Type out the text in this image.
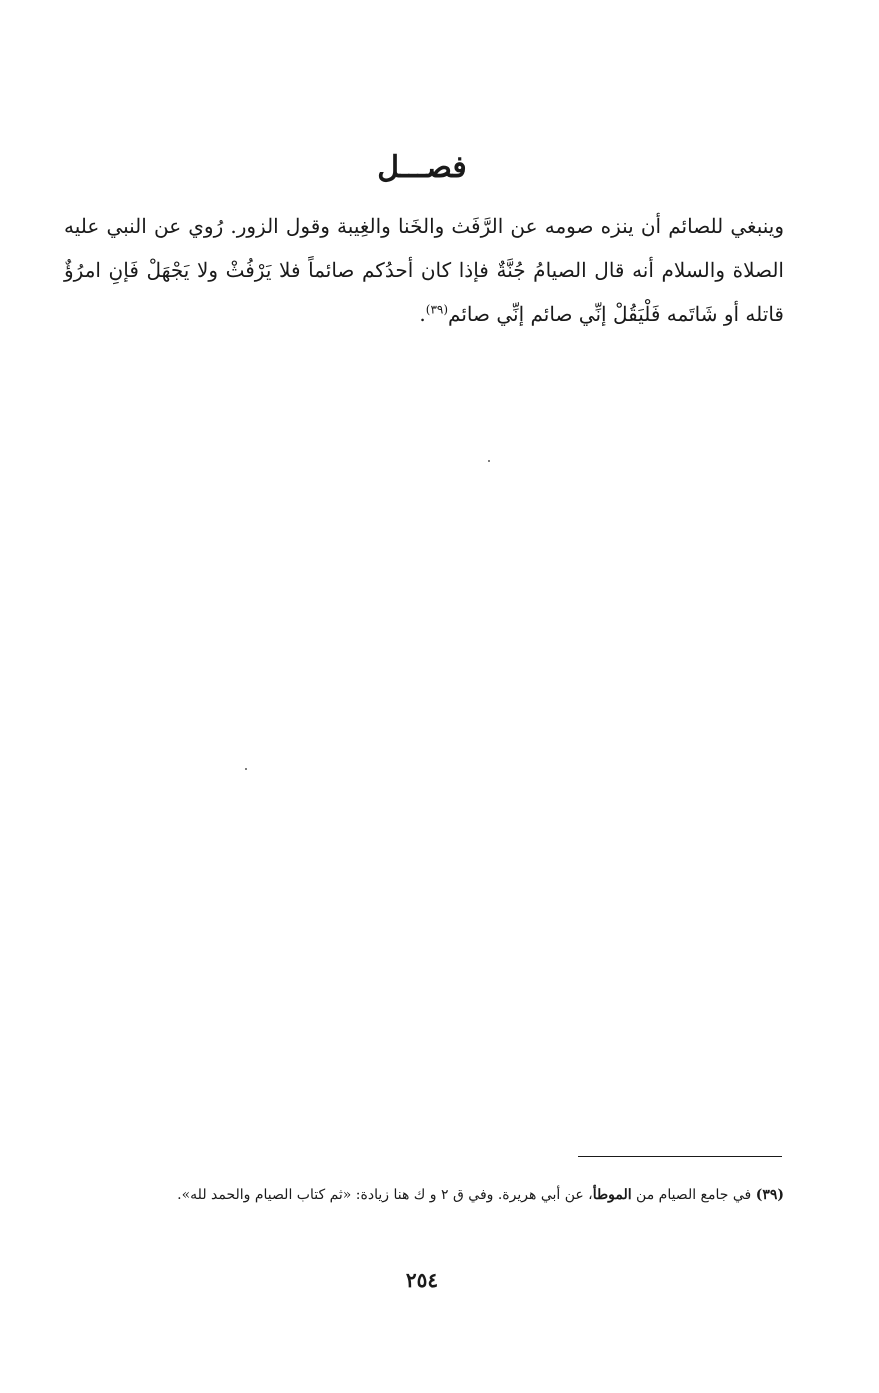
فصـــل

وينبغي للصائم أن ينزه صومه عن الرَّفَث والخَنا والغِيبة وقول الزور. رُوي عن النبي عليه الصلاة والسلام أنه قال الصيامُ جُنَّةٌ فإذا كان أحدُكم صائماً فلا يَرْفُثْ ولا يَجْهَلْ فَإنِ امرُؤٌ قاتله أو شَاتَمه فَلْيَقُلْ إنِّي صائم إنِّي صائم$^{(٣٩)}$.

(٣٩) في جامع الصيام من الموطأ، عن أبي هريرة. وفي ق ٢ و ك هنا زيادة: «ثم كتاب الصيام والحمد لله».

٢٥٤
